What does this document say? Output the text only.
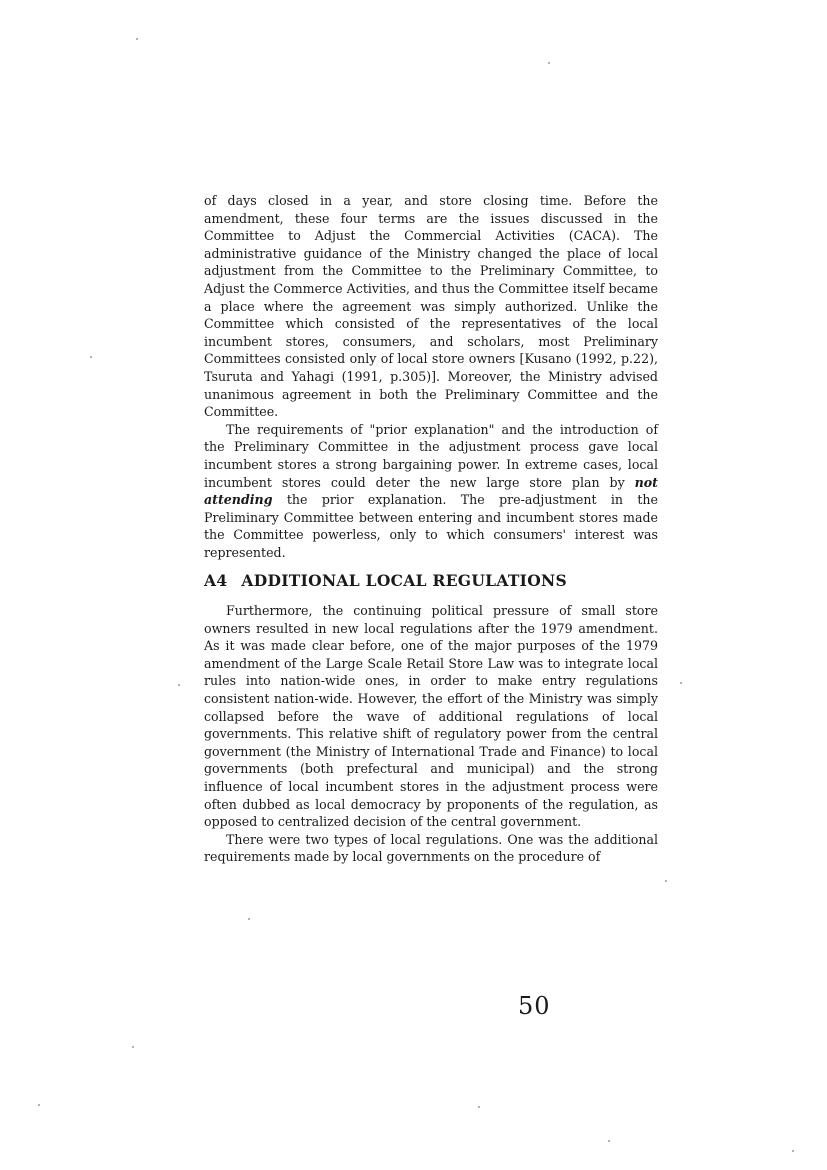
of days closed in a year, and store closing time. Before the amendment, these four terms are the issues discussed in the Committee to Adjust the Commercial Activities (CACA). The administrative guidance of the Ministry changed the place of local adjustment from the Committee to the Preliminary Committee, to Adjust the Commerce Activities, and thus the Committee itself became a place where the agreement was simply authorized. Unlike the Committee which consisted of the representatives of the local incumbent stores, consumers, and scholars, most Preliminary Committees consisted only of local store owners [Kusano (1992, p.22), Tsuruta and Yahagi (1991, p.305)]. Moreover, the Ministry advised unanimous agreement in both the Preliminary Committee and the Committee.

The requirements of "prior explanation" and the introduction of the Preliminary Committee in the adjustment process gave local incumbent stores a strong bargaining power. In extreme cases, local incumbent stores could deter the new large store plan by not attending the prior explanation. The pre-adjustment in the Preliminary Committee between entering and incumbent stores made the Committee powerless, only to which consumers' interest was represented.

A4 ADDITIONAL LOCAL REGULATIONS

Furthermore, the continuing political pressure of small store owners resulted in new local regulations after the 1979 amendment. As it was made clear before, one of the major purposes of the 1979 amendment of the Large Scale Retail Store Law was to integrate local rules into nation-wide ones, in order to make entry regulations consistent nation-wide. However, the effort of the Ministry was simply collapsed before the wave of additional regulations of local governments. This relative shift of regulatory power from the central government (the Ministry of International Trade and Finance) to local governments (both prefectural and municipal) and the strong influence of local incumbent stores in the adjustment process were often dubbed as local democracy by proponents of the regulation, as opposed to centralized decision of the central government.

There were two types of local regulations. One was the additional requirements made by local governments on the procedure of

50
